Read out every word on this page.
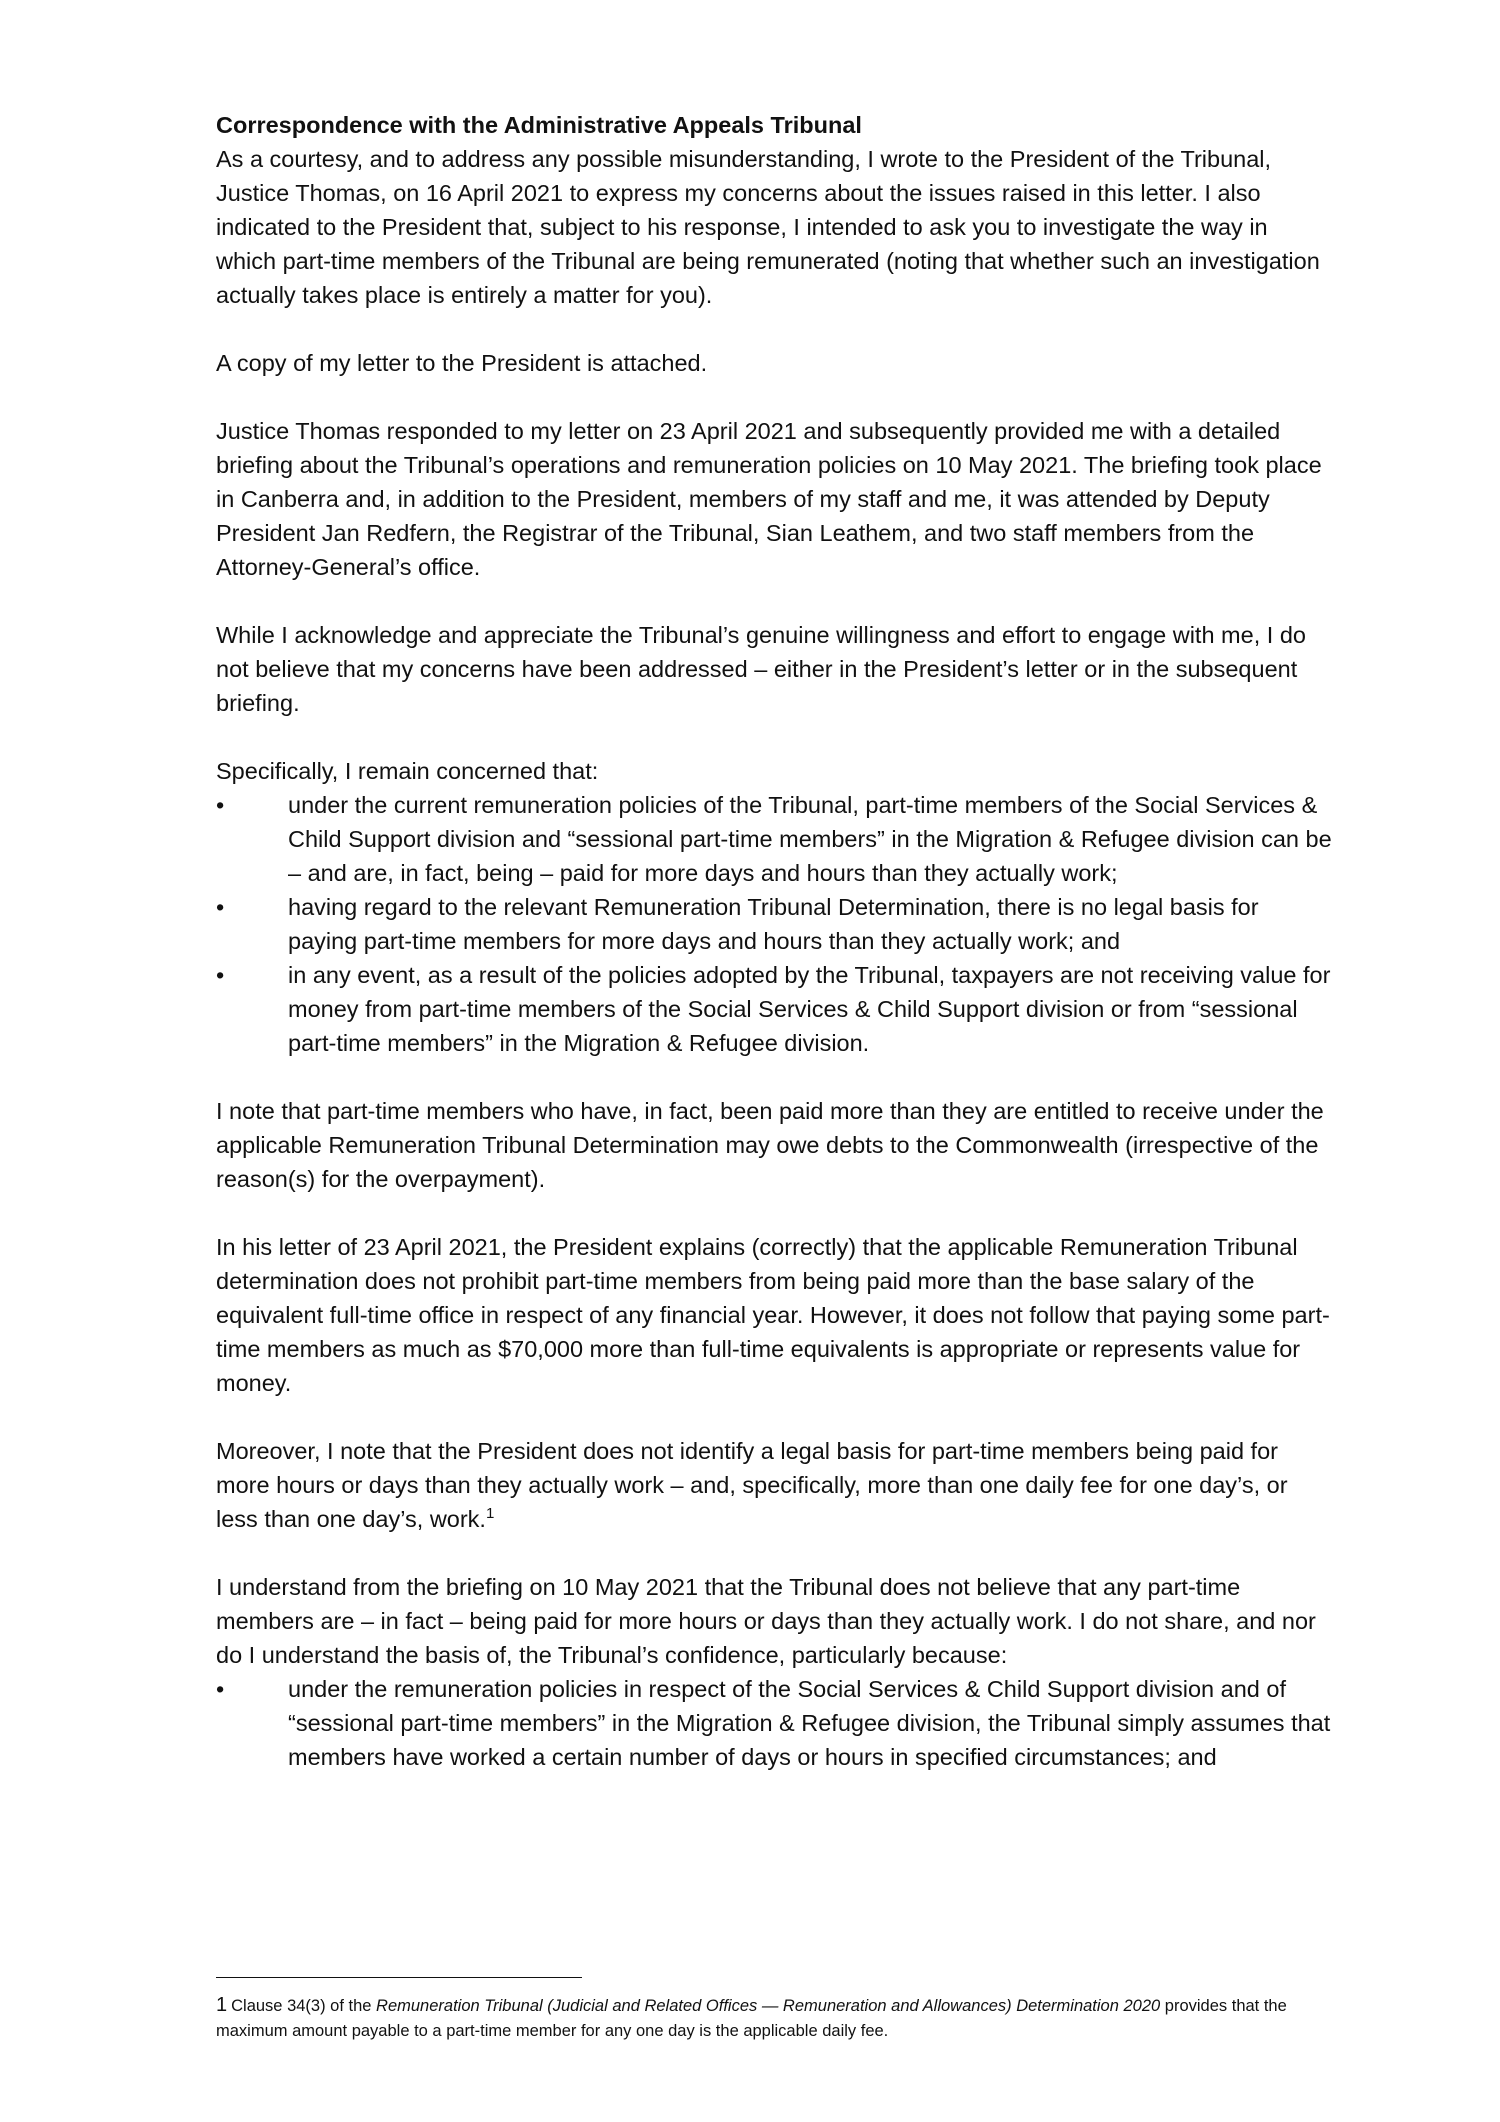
Correspondence with the Administrative Appeals Tribunal

As a courtesy, and to address any possible misunderstanding, I wrote to the President of the Tribunal, Justice Thomas, on 16 April 2021 to express my concerns about the issues raised in this letter. I also indicated to the President that, subject to his response, I intended to ask you to investigate the way in which part-time members of the Tribunal are being remunerated (noting that whether such an investigation actually takes place is entirely a matter for you).

A copy of my letter to the President is attached.

Justice Thomas responded to my letter on 23 April 2021 and subsequently provided me with a detailed briefing about the Tribunal’s operations and remuneration policies on 10 May 2021. The briefing took place in Canberra and, in addition to the President, members of my staff and me, it was attended by Deputy President Jan Redfern, the Registrar of the Tribunal, Sian Leathem, and two staff members from the Attorney-General’s office.

While I acknowledge and appreciate the Tribunal’s genuine willingness and effort to engage with me, I do not believe that my concerns have been addressed – either in the President’s letter or in the subsequent briefing.

Specifically, I remain concerned that:

•	under the current remuneration policies of the Tribunal, part-time members of the Social Services & Child Support division and “sessional part-time members” in the Migration & Refugee division can be – and are, in fact, being – paid for more days and hours than they actually work;
•	having regard to the relevant Remuneration Tribunal Determination, there is no legal basis for paying part-time members for more days and hours than they actually work; and
•	in any event, as a result of the policies adopted by the Tribunal, taxpayers are not receiving value for money from part-time members of the Social Services & Child Support division or from “sessional part-time members” in the Migration & Refugee division.

I note that part-time members who have, in fact, been paid more than they are entitled to receive under the applicable Remuneration Tribunal Determination may owe debts to the Commonwealth (irrespective of the reason(s) for the overpayment).

In his letter of 23 April 2021, the President explains (correctly) that the applicable Remuneration Tribunal determination does not prohibit part-time members from being paid more than the base salary of the equivalent full-time office in respect of any financial year. However, it does not follow that paying some part-time members as much as $70,000 more than full-time equivalents is appropriate or represents value for money.

Moreover, I note that the President does not identify a legal basis for part-time members being paid for more hours or days than they actually work – and, specifically, more than one daily fee for one day’s, or less than one day’s, work.$^1$

I understand from the briefing on 10 May 2021 that the Tribunal does not believe that any part-time members are – in fact – being paid for more hours or days than they actually work. I do not share, and nor do I understand the basis of, the Tribunal’s confidence, particularly because:

•	under the remuneration policies in respect of the Social Services & Child Support division and of “sessional part-time members” in the Migration & Refugee division, the Tribunal simply assumes that members have worked a certain number of days or hours in specified circumstances; and
1 Clause 34(3) of the Remuneration Tribunal (Judicial and Related Offices — Remuneration and Allowances) Determination 2020 provides that the maximum amount payable to a part-time member for any one day is the applicable daily fee.
